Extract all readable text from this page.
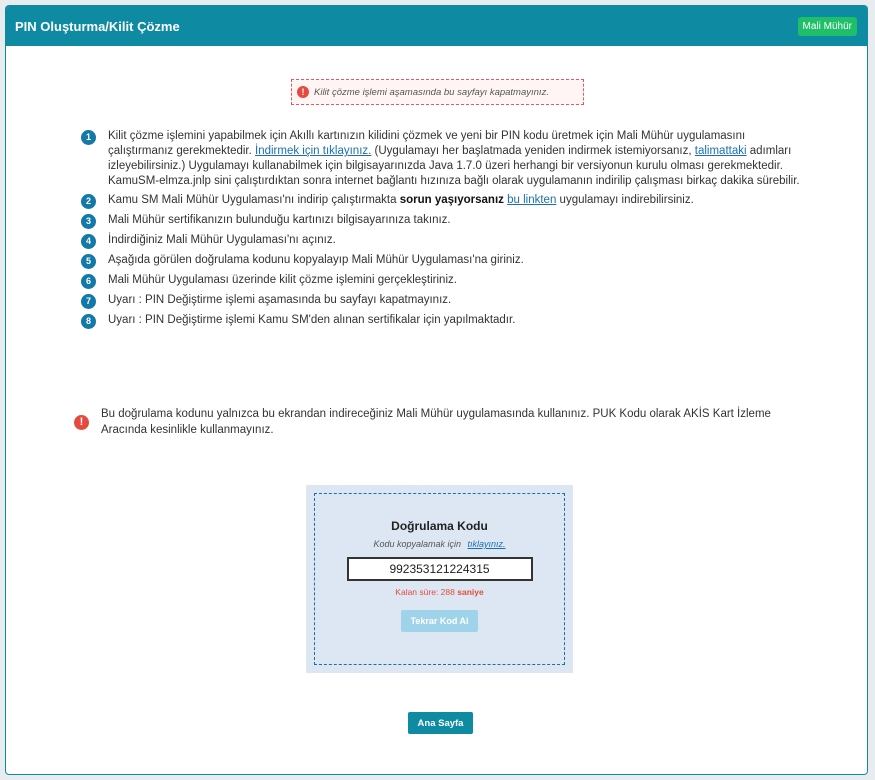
PIN Oluşturma/Kilit Çözme	Mali Mühür
!	Kilit çözme işlemi aşamasında bu sayfayı kapatmayınız.
1	Kilit çözme işlemini yapabilmek için Akıllı kartınızın kilidini çözmek ve yeni bir PIN kodu üretmek için Mali Mühür uygulamasını çalıştırmanız gerekmektedir. İndirmek için tıklayınız. (Uygulamayı her başlatmada yeniden indirmek istemiyorsanız, talimattaki adımları izleyebilirsiniz.) Uygulamayı kullanabilmek için bilgisayarınızda Java 1.7.0 üzeri herhangi bir versiyonun kurulu olması gerekmektedir. KamuSM-elmza.jnlp sini çalıştırdıktan sonra internet bağlantı hızınıza bağlı olarak uygulamanın indirilip çalışması birkaç dakika sürebilir.
2	Kamu SM Mali Mühür Uygulaması'nı indirip çalıştırmakta sorun yaşıyorsanız bu linkten uygulamayı indirebilirsiniz.
3	Mali Mühür sertifikanızın bulunduğu kartınızı bilgisayarınıza takınız.
4	İndirdiğiniz Mali Mühür Uygulaması'nı açınız.
5	Aşağıda görülen doğrulama kodunu kopyalayıp Mali Mühür Uygulaması'na giriniz.
6	Mali Mühür Uygulaması üzerinde kilit çözme işlemini gerçekleştiriniz.
7	Uyarı : PIN Değiştirme işlemi aşamasında bu sayfayı kapatmayınız.
8	Uyarı : PIN Değiştirme işlemi Kamu SM'den alınan sertifikalar için yapılmaktadır.
!
Bu doğrulama kodunu yalnızca bu ekrandan indireceğiniz Mali Mühür uygulamasında kullanınız. PUK Kodu olarak AKİS Kart İzleme Aracında kesinlikle kullanmayınız.
Doğrulama Kodu
Kodu kopyalamak için tıklayınız.
992353121224315
Kalan süre: 288 saniye
Tekrar Kod Al
Ana Sayfa
